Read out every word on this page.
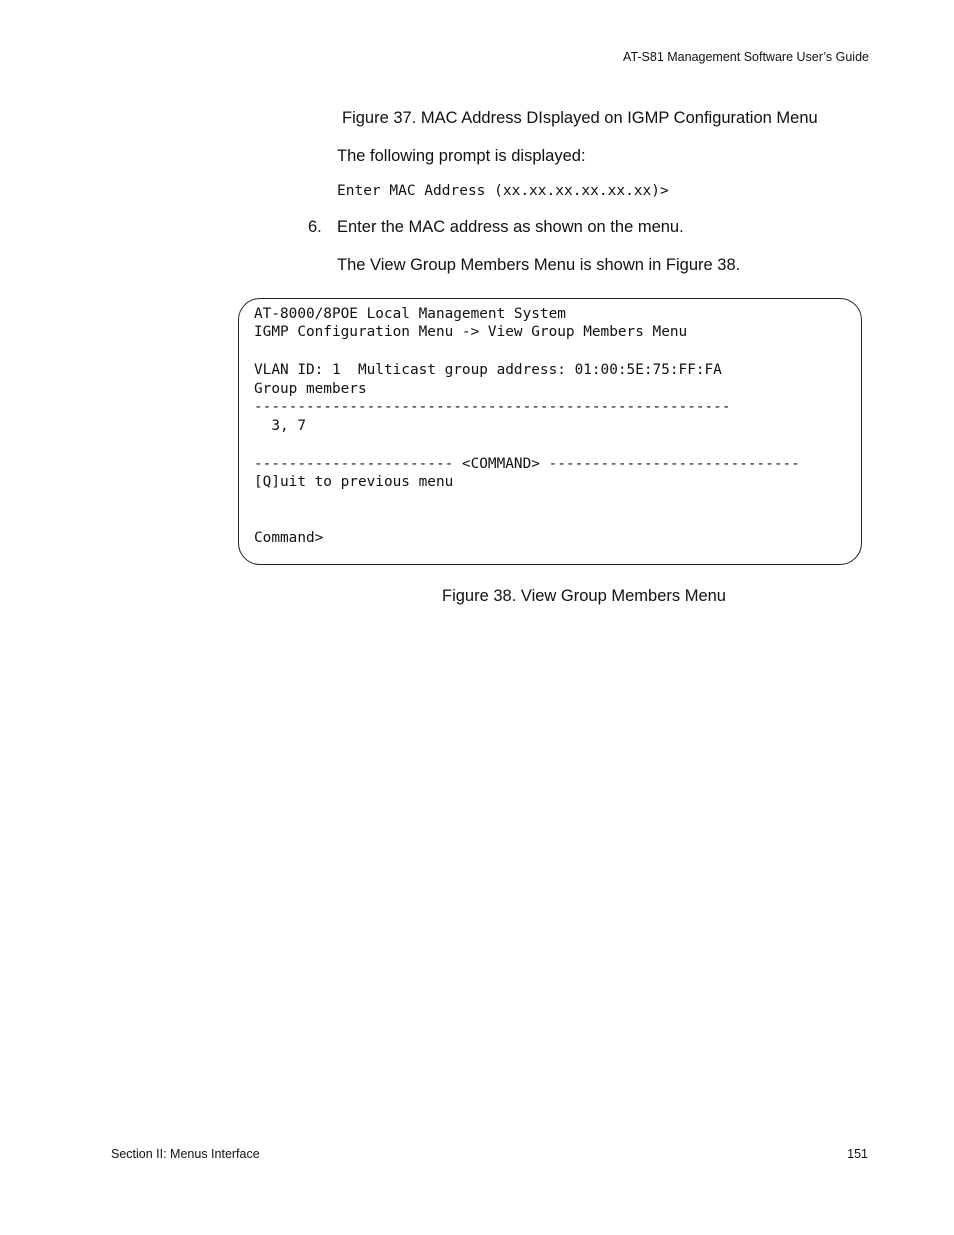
AT-S81 Management Software User’s Guide
Figure 37. MAC Address DIsplayed on IGMP Configuration Menu
The following prompt is displayed:
Enter MAC Address (xx.xx.xx.xx.xx.xx)>
6. Enter the MAC address as shown on the menu.
The View Group Members Menu is shown in Figure 38.
AT-8000/8POE Local Management System
IGMP Configuration Menu -> View Group Members Menu
VLAN ID: 1  Multicast group address: 01:00:5E:75:FF:FA
Group members
-------------------------------------------------------
3, 7
----------------------- <COMMAND> -----------------------------
[Q]uit to previous menu
Command>
Figure 38. View Group Members Menu
Section II: Menus Interface	151
